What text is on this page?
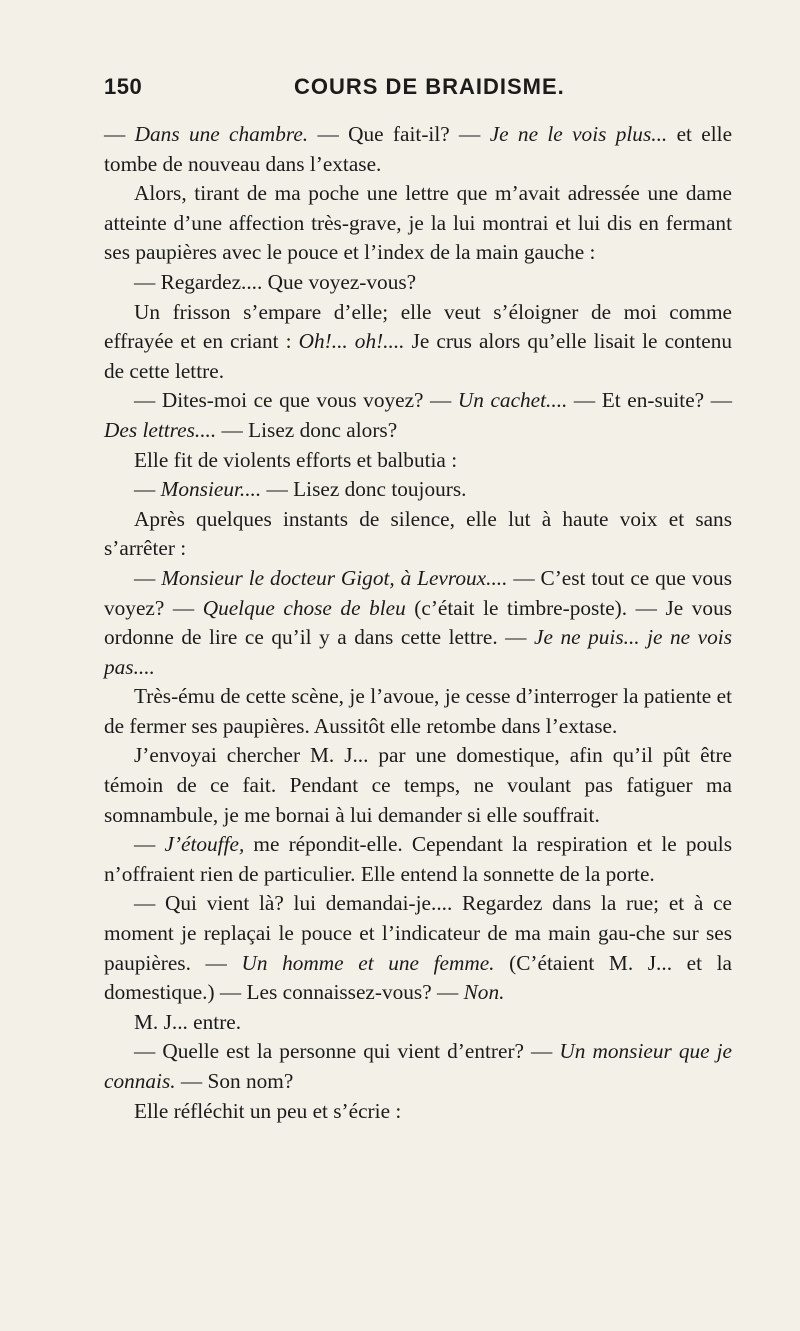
150	COURS DE BRAIDISME.

— Dans une chambre. — Que fait-il? — Je ne le vois plus... et elle tombe de nouveau dans l’extase.

Alors, tirant de ma poche une lettre que m’avait adressée une dame atteinte d’une affection très-grave, je la lui montrai et lui dis en fermant ses paupières avec le pouce et l’index de la main gauche :

— Regardez.... Que voyez-vous?

Un frisson s’empare d’elle; elle veut s’éloigner de moi comme effrayée et en criant : Oh!... oh!.... Je crus alors qu’elle lisait le contenu de cette lettre.

— Dites-moi ce que vous voyez? — Un cachet.... — Et en-suite? — Des lettres.... — Lisez donc alors?

Elle fit de violents efforts et balbutia :

— Monsieur.... — Lisez donc toujours.

Après quelques instants de silence, elle lut à haute voix et sans s’arrêter :

— Monsieur le docteur Gigot, à Levroux.... — C’est tout ce que vous voyez? — Quelque chose de bleu (c’était le timbre-poste). — Je vous ordonne de lire ce qu’il y a dans cette lettre. — Je ne puis... je ne vois pas....

Très-ému de cette scène, je l’avoue, je cesse d’interroger la patiente et de fermer ses paupières. Aussitôt elle retombe dans l’extase.

J’envoyai chercher M. J... par une domestique, afin qu’il pût être témoin de ce fait. Pendant ce temps, ne voulant pas fatiguer ma somnambule, je me bornai à lui demander si elle souffrait.

— J’étouffe, me répondit-elle. Cependant la respiration et le pouls n’offraient rien de particulier. Elle entend la sonnette de la porte.

— Qui vient là? lui demandai-je.... Regardez dans la rue; et à ce moment je replaçai le pouce et l’indicateur de ma main gau-che sur ses paupières. — Un homme et une femme. (C’étaient M. J... et la domestique.) — Les connaissez-vous? — Non.

M. J... entre.

— Quelle est la personne qui vient d’entrer? — Un monsieur que je connais. — Son nom?

Elle réfléchit un peu et s’écrie :
